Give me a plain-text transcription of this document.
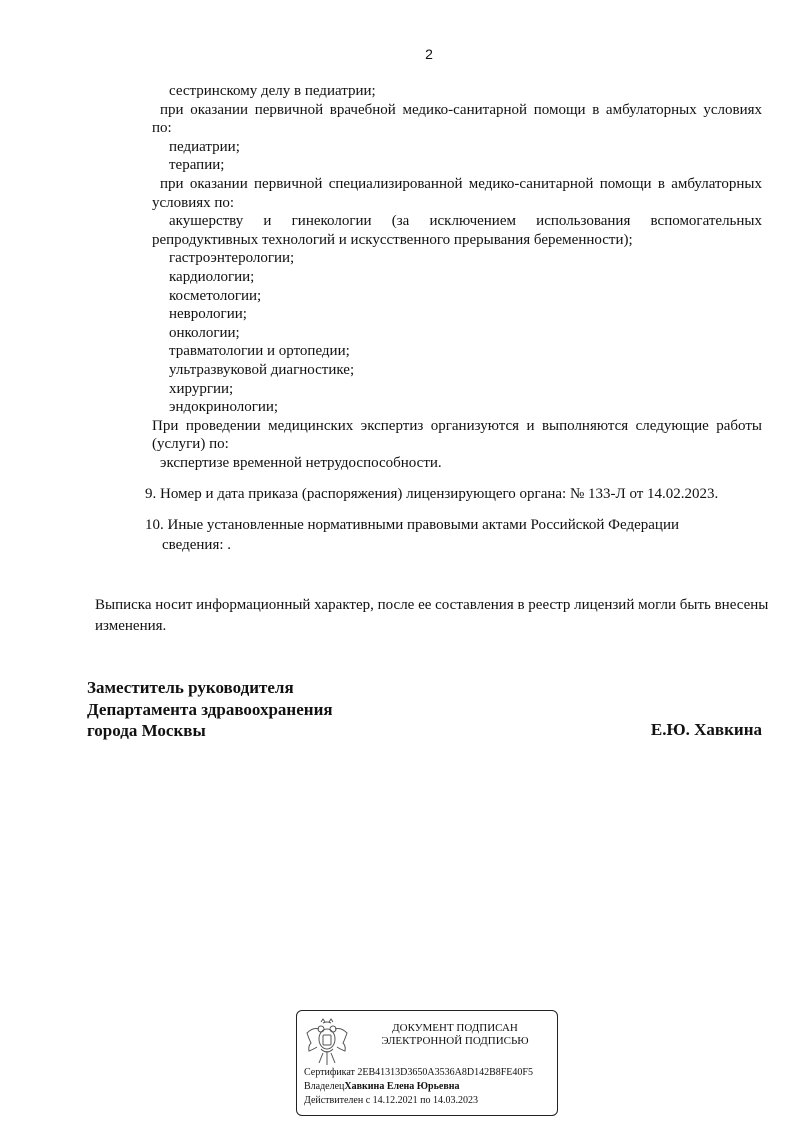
2

сестринскому делу в педиатрии;

при оказании первичной врачебной медико-санитарной помощи в амбулаторных условиях по:

педиатрии;

терапии;

при оказании первичной специализированной медико-санитарной помощи в амбулаторных условиях по:

акушерству и гинекологии (за исключением использования вспомогательных репродуктивных технологий и искусственного прерывания беременности);

гастроэнтерологии;

кардиологии;

косметологии;

неврологии;

онкологии;

травматологии и ортопедии;

ультразвуковой диагностике;

хирургии;

эндокринологии;

При проведении медицинских экспертиз организуются и выполняются следующие работы (услуги) по:

экспертизе временной нетрудоспособности.

9. Номер и дата приказа (распоряжения) лицензирующего органа: № 133-Л от 14.02.2023.

10. Иные установленные нормативными правовыми актами Российской Федерации

сведения: .

Выписка носит информационный характер, после ее составления в реестр лицензий могли быть внесены изменения.

Заместитель руководителя
Департамента здравоохранения
города Москвы	Е.Ю. Хавкина
ДОКУМЕНТ ПОДПИСАН
ЭЛЕКТРОННОЙ ПОДПИСЬЮ
Сертификат 2EB41313D3650A3536A8D142B8FE40F5
ВладелецХавкина Елена Юрьевна
Действителен с 14.12.2021 по 14.03.2023
